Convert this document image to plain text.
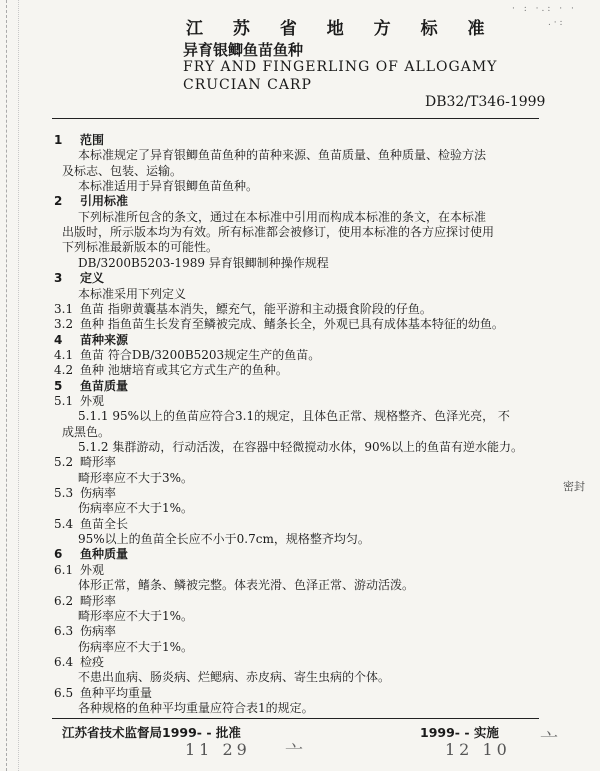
· : ·.: · ·
. · :
江 苏 省 地 方 标 准
异育银鲫鱼苗鱼种
FRY AND FINGERLING OF ALLOGAMY
CRUCIAN CARP
DB32/T346-1999
1 范围
本标准规定了异育银鲫鱼苗鱼种的苗种来源、鱼苗质量、鱼种质量、检验方法
及标志、包装、运输。
本标准适用于异育银鲫鱼苗鱼种。
2 引用标准
下列标准所包含的条文，通过在本标准中引用而构成本标准的条文，在本标准
出版时，所示版本均为有效。所有标准都会被修订，使用本标准的各方应探讨使用
下列标准最新版本的可能性。
DB/3200B5203-1989 异育银鲫制种操作规程
3 定义
本标准采用下列定义
3.1 鱼苗 指卵黄囊基本消失，鳔充气，能平游和主动摄食阶段的仔鱼。
3.2 鱼种 指鱼苗生长发育至鳞被完成、鳍条长全，外观已具有成体基本特征的幼鱼。
4 苗种来源
4.1 鱼苗 符合DB/3200B5203规定生产的鱼苗。
4.2 鱼种 池塘培育或其它方式生产的鱼种。
5 鱼苗质量
5.1 外观
5.1.1 95%以上的鱼苗应符合3.1的规定，且体色正常、规格整齐、色泽光亮， 不
成黑色。
5.1.2 集群游动，行动活泼，在容器中轻微搅动水体，90%以上的鱼苗有逆水能力。
5.2 畸形率
畸形率应不大于3%。
5.3 伤病率
伤病率应不大于1%。
5.4 鱼苗全长
95%以上的鱼苗全长应不小于0.7cm，规格整齐均匀。
6 鱼种质量
6.1 外观
体形正常，鳍条、鳞被完整。体表光滑、色泽正常、游动活泼。
6.2 畸形率
畸形率应不大于1%。
6.3 伤病率
伤病率应不大于1%。
6.4 检疫
不患出血病、肠炎病、烂鳃病、赤皮病、寄生虫病的个体。
6.5 鱼种平均重量
各种规格的鱼种平均重量应符合表1的规定。
密封
江苏省技术监督局1999- - 批准	1999- - 实施
11 29	12 10
亠
亠
